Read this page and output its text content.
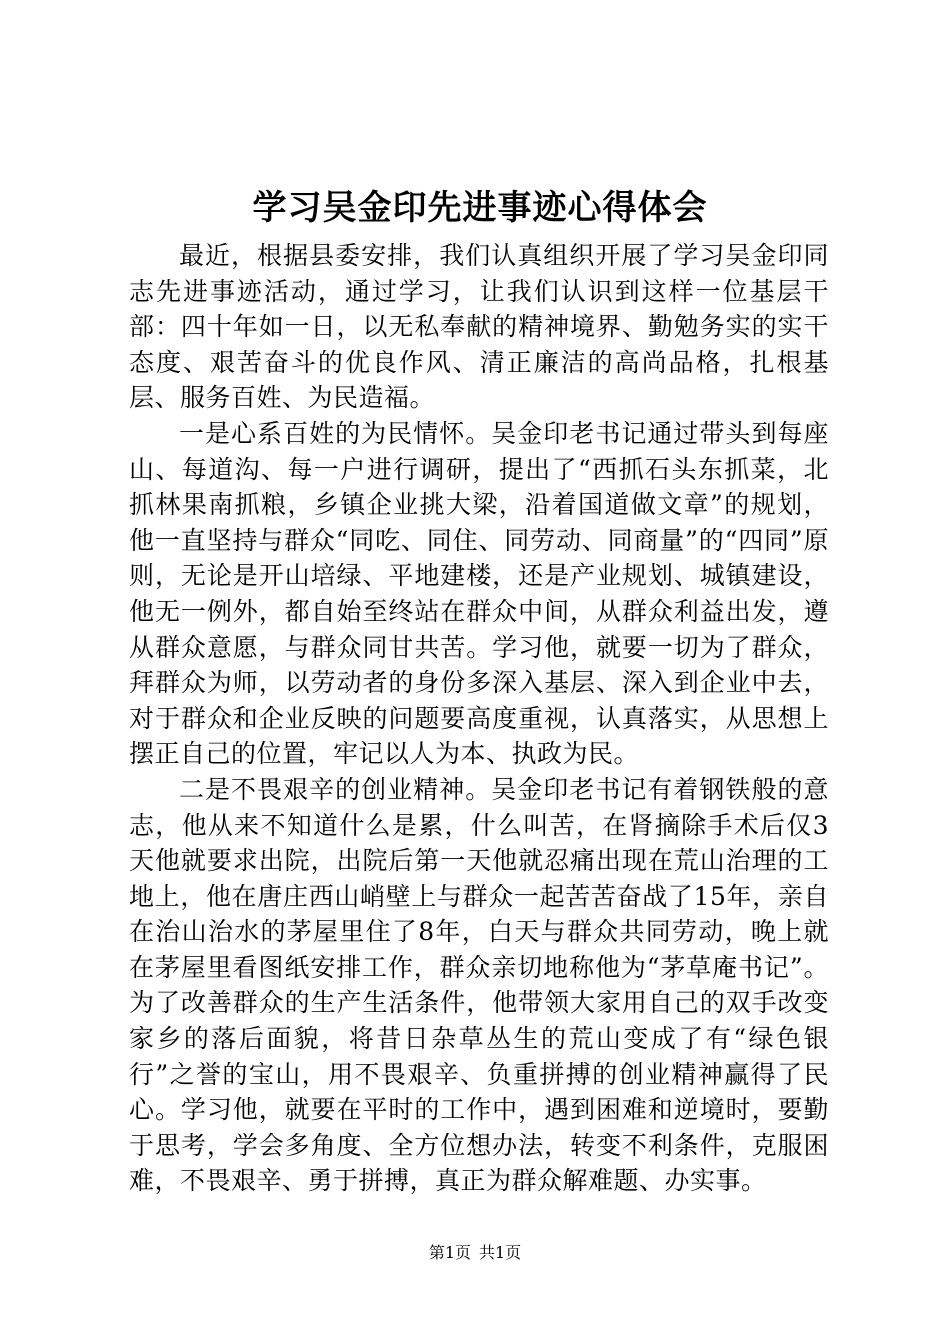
学习吴金印先进事迹心得体会

最近，根据县委安排，我们认真组织开展了学习吴金印同志先进事迹活动，通过学习，让我们认识到这样一位基层干部：四十年如一日，以无私奉献的精神境界、勤勉务实的实干态度、艰苦奋斗的优良作风、清正廉洁的高尚品格，扎根基层、服务百姓、为民造福。

一是心系百姓的为民情怀。吴金印老书记通过带头到每座山、每道沟、每一户进行调研，提出了“西抓石头东抓菜，北抓林果南抓粮，乡镇企业挑大梁，沿着国道做文章”的规划，他一直坚持与群众“同吃、同住、同劳动、同商量”的“四同”原则，无论是开山培绿、平地建楼，还是产业规划、城镇建设，他无一例外，都自始至终站在群众中间，从群众利益出发，遵从群众意愿，与群众同甘共苦。学习他，就要一切为了群众，拜群众为师，以劳动者的身份多深入基层、深入到企业中去，对于群众和企业反映的问题要高度重视，认真落实，从思想上摆正自己的位置，牢记以人为本、执政为民。

二是不畏艰辛的创业精神。吴金印老书记有着钢铁般的意志，他从来不知道什么是累，什么叫苦，在肾摘除手术后仅3天他就要求出院，出院后第一天他就忍痛出现在荒山治理的工地上，他在唐庄西山峭壁上与群众一起苦苦奋战了15年，亲自在治山治水的茅屋里住了8年，白天与群众共同劳动，晚上就在茅屋里看图纸安排工作，群众亲切地称他为“茅草庵书记”。为了改善群众的生产生活条件，他带领大家用自己的双手改变家乡的落后面貌，将昔日杂草丛生的荒山变成了有“绿色银行”之誉的宝山，用不畏艰辛、负重拼搏的创业精神赢得了民心。学习他，就要在平时的工作中，遇到困难和逆境时，要勤于思考，学会多角度、全方位想办法，转变不利条件，克服困难，不畏艰辛、勇于拼搏，真正为群众解难题、办实事。

第1页 共1页
